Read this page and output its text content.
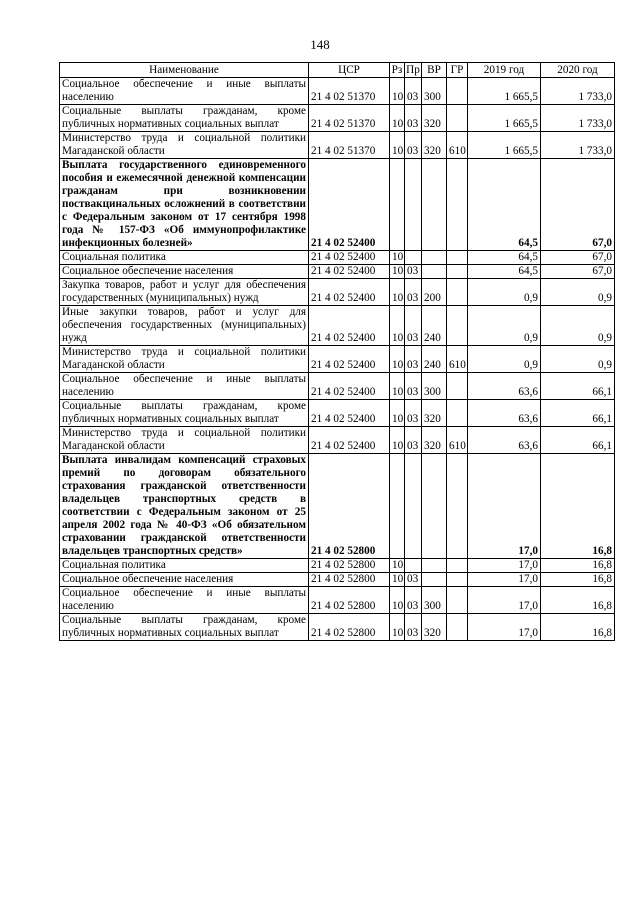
148
Наименование	ЦСР	Рз	Пр	ВР	ГР	2019 год	2020 год
Социальное обеспечение и иные выплаты населению	21 4 02 51370	10	03	300		1 665,5	1 733,0
Социальные выплаты гражданам, кроме публичных нормативных социальных выплат	21 4 02 51370	10	03	320		1 665,5	1 733,0
Министерство труда и социальной политики Магаданской области	21 4 02 51370	10	03	320	610	1 665,5	1 733,0
Выплата государственного единовременного пособия и ежемесячной денежной компенсации гражданам при возникновении поствакцинальных осложнений в соответствии с Федеральным законом от 17 сентября 1998 года № 157-ФЗ «Об иммунопрофилактике инфекционных болезней»	21 4 02 52400					64,5	67,0
Социальная политика	21 4 02 52400	10				64,5	67,0
Социальное обеспечение населения	21 4 02 52400	10	03			64,5	67,0
Закупка товаров, работ и услуг для обеспечения государственных (муниципальных) нужд	21 4 02 52400	10	03	200		0,9	0,9
Иные закупки товаров, работ и услуг для обеспечения государственных (муниципальных) нужд	21 4 02 52400	10	03	240		0,9	0,9
Министерство труда и социальной политики Магаданской области	21 4 02 52400	10	03	240	610	0,9	0,9
Социальное обеспечение и иные выплаты населению	21 4 02 52400	10	03	300		63,6	66,1
Социальные выплаты гражданам, кроме публичных нормативных социальных выплат	21 4 02 52400	10	03	320		63,6	66,1
Министерство труда и социальной политики Магаданской области	21 4 02 52400	10	03	320	610	63,6	66,1
Выплата инвалидам компенсаций страховых премий по договорам обязательного страхования гражданской ответственности владельцев транспортных средств в соответствии с Федеральным законом от 25 апреля 2002 года № 40-ФЗ «Об обязательном страховании гражданской ответственности владельцев транспортных средств»	21 4 02 52800					17,0	16,8
Социальная политика	21 4 02 52800	10				17,0	16,8
Социальное обеспечение населения	21 4 02 52800	10	03			17,0	16,8
Социальное обеспечение и иные выплаты населению	21 4 02 52800	10	03	300		17,0	16,8
Социальные выплаты гражданам, кроме публичных нормативных социальных выплат	21 4 02 52800	10	03	320		17,0	16,8
